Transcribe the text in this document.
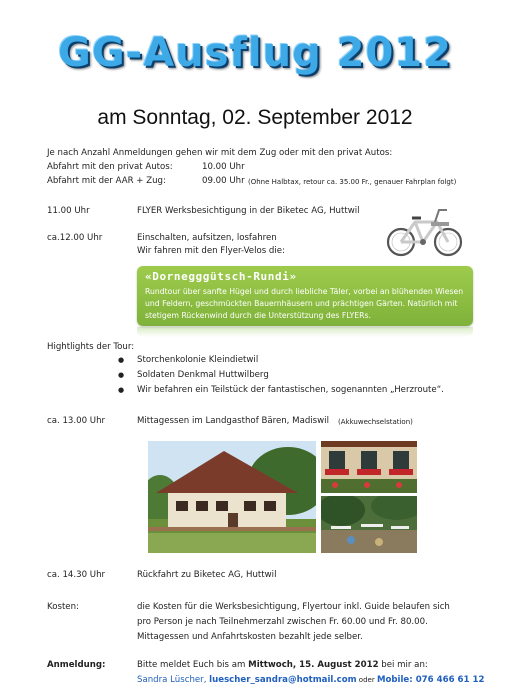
GG-Ausflug 2012
am Sonntag, 02. September 2012
Je nach Anzahl Anmeldungen gehen wir mit dem Zug oder mit den privat Autos:
Abfahrt mit den privat Autos:	10.00 Uhr
Abfahrt mit der AAR + Zug:	09.00 Uhr (Ohne Halbtax, retour ca. 35.00 Fr., genauer Fahrplan folgt)
11.00 Uhr	FLYER Werksbesichtigung in der Biketec AG, Huttwil
ca.12.00 Uhr	Einschalten, aufsitzen, losfahren
Wir fahren mit den Flyer-Velos die:
«Dornegggütsch-Rundi»
Rundtour über sanfte Hügel und durch liebliche Täler, vorbei an blühenden Wiesen und Feldern, geschmückten Bauernhäusern und prächtigen Gärten. Natürlich mit stetigem Rückenwind durch die Unterstützung des FLYERs.
Hightlights der Tour:
● Storchenkolonie Kleindietwil
● Soldaten Denkmal Huttwilberg
● Wir befahren ein Teilstück der fantastischen, sogenannten „Herzroute“.
ca. 13.00 Uhr	Mittagessen im Landgasthof Bären, Madiswil (Akkuwechselstation)
ca. 14.30 Uhr	Rückfahrt zu Biketec AG, Huttwil
Kosten:	die Kosten für die Werksbesichtigung, Flyertour inkl. Guide belaufen sich
pro Person je nach Teilnehmerzahl zwischen Fr. 60.00 und Fr. 80.00.
Mittagessen und Anfahrtskosten bezahlt jede selber.
Anmeldung:	Bitte meldet Euch bis am Mittwoch, 15. August 2012 bei mir an:
Sandra Lüscher, luescher_sandra@hotmail.com oder Mobile: 076 466 61 12
